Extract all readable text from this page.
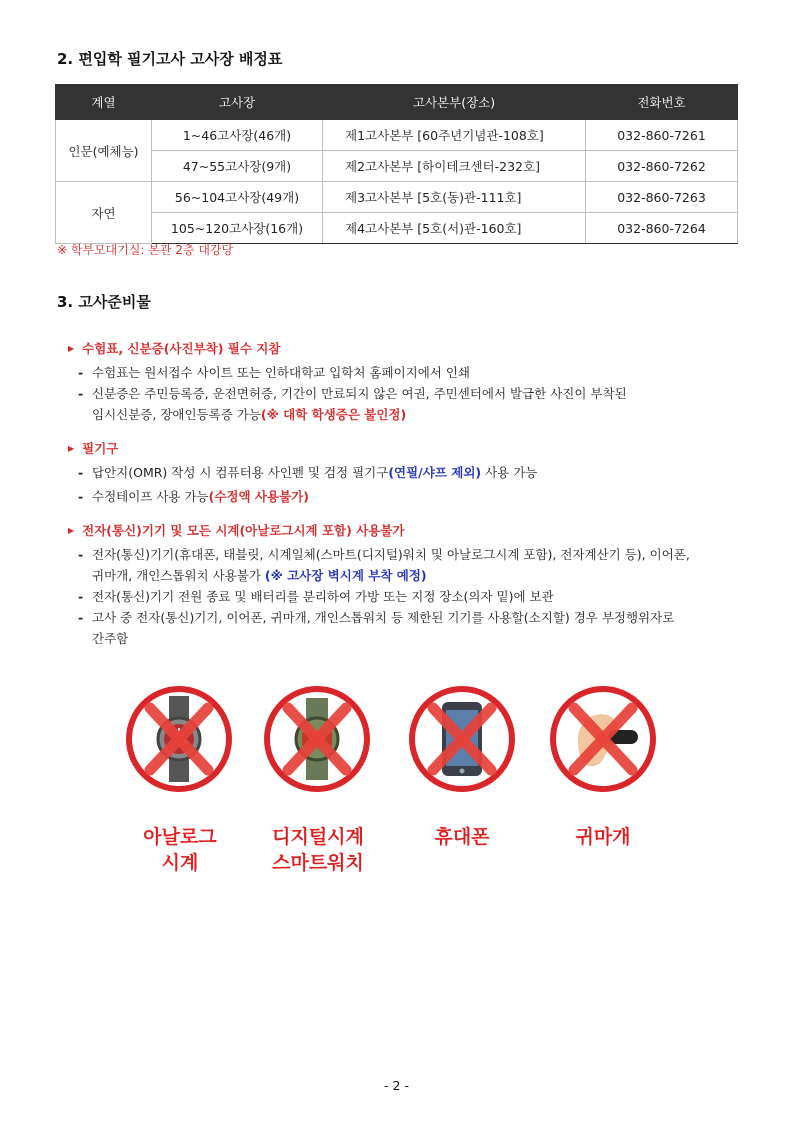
2. 편입학 필기고사 고사장 배정표
계열	고사장	고사본부(장소)	전화번호
인문(예체능)	1~46고사장(46개)	제1고사본부 [60주년기념관-108호]	032-860-7261
	47~55고사장(9개)	제2고사본부 [하이테크센터-232호]	032-860-7262
자연	56~104고사장(49개)	제3고사본부 [5호(동)관-111호]	032-860-7263
	105~120고사장(16개)	제4고사본부 [5호(서)관-160호]	032-860-7264

※ 학부모대기실: 본관 2층 대강당

3. 고사준비물

▶ 수험표, 신분증(사진부착) 필수 지참

- 수험표는 원서접수 사이트 또는 인하대학교 입학처 홈페이지에서 인쇄
- 신분증은 주민등록증, 운전면허증, 기간이 만료되지 않은 여권, 주민센터에서 발급한 사진이 부착된
임시신분증, 장애인등록증 가능(※ 대학 학생증은 불인정)

▶ 필기구

- 답안지(OMR) 작성 시 컴퓨터용 사인펜 및 검정 필기구(연필/샤프 제외) 사용 가능
- 수정테이프 사용 가능(수정액 사용불가)

▶ 전자(통신)기기 및 모든 시계(아날로그시계 포함) 사용불가

- 전자(통신)기기(휴대폰, 태블릿, 시계일체(스마트(디지털)워치 및 아날로그시계 포함), 전자계산기 등), 이어폰,
귀마개, 개인스톱워치 사용불가 (※ 고사장 벽시계 부착 예정)
- 전자(통신)기기 전원 종료 및 배터리를 분리하여 가방 또는 지정 장소(의자 밑)에 보관
- 고사 중 전자(통신)기기, 이어폰, 귀마개, 개인스톱워치 등 제한된 기기를 사용할(소지할) 경우 부정행위자로
간주함
아날로그
시계
디지털시계
스마트워치
휴대폰	귀마개

- 2 -
